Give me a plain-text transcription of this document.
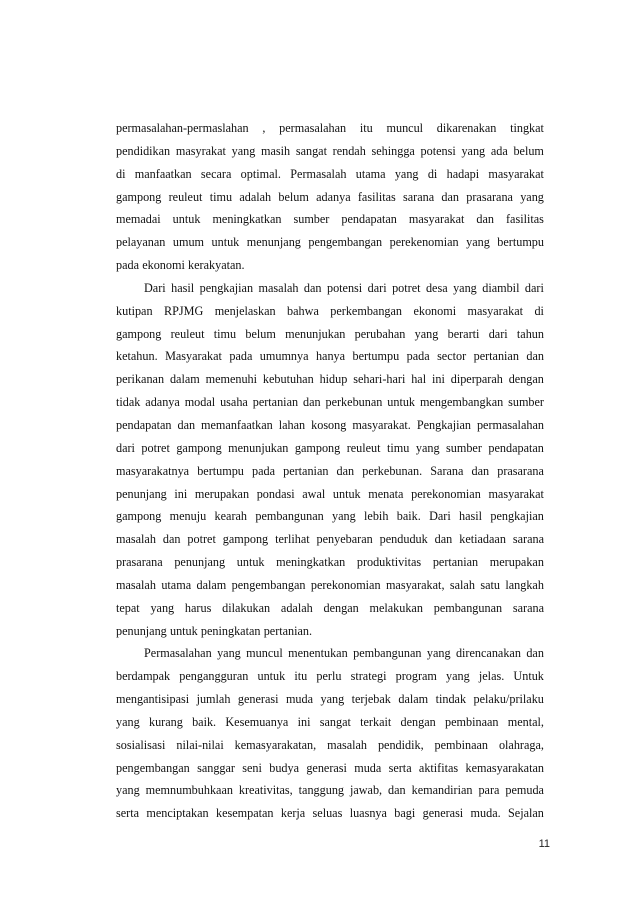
permasalahan-permaslahan , permasalahan itu muncul dikarenakan tingkat
pendidikan masyrakat yang masih sangat rendah sehingga potensi yang ada belum
di manfaatkan secara optimal. Permasalah utama yang di hadapi masyarakat
gampong reuleut timu adalah belum adanya fasilitas sarana dan prasarana yang
memadai untuk meningkatkan sumber pendapatan masyarakat dan fasilitas
pelayanan umum untuk menunjang pengembangan perekenomian yang bertumpu
pada ekonomi kerakyatan.
Dari hasil pengkajian masalah dan potensi dari potret desa yang diambil dari
kutipan RPJMG menjelaskan bahwa perkembangan ekonomi masyarakat di
gampong reuleut timu belum menunjukan perubahan yang berarti dari tahun
ketahun. Masyarakat pada umumnya hanya bertumpu pada sector pertanian dan
perikanan dalam memenuhi kebutuhan hidup sehari-hari hal ini diperparah dengan
tidak adanya modal usaha pertanian dan perkebunan untuk mengembangkan sumber
pendapatan dan memanfaatkan lahan kosong masyarakat. Pengkajian permasalahan
dari potret gampong menunjukan gampong reuleut timu yang sumber pendapatan
masyarakatnya bertumpu pada pertanian dan perkebunan. Sarana dan prasarana
penunjang ini merupakan pondasi awal untuk menata perekonomian masyarakat
gampong menuju kearah pembangunan yang lebih baik. Dari hasil pengkajian
masalah dan potret gampong terlihat penyebaran penduduk dan ketiadaan sarana
prasarana penunjang untuk meningkatkan produktivitas pertanian merupakan
masalah utama dalam pengembangan perekonomian masyarakat, salah satu langkah
tepat yang harus dilakukan adalah dengan melakukan pembangunan sarana
penunjang untuk peningkatan pertanian.
Permasalahan yang muncul menentukan pembangunan yang direncanakan dan
berdampak pengangguran untuk itu perlu strategi program yang jelas. Untuk
mengantisipasi jumlah generasi muda yang terjebak dalam tindak pelaku/prilaku
yang kurang baik. Kesemuanya ini sangat terkait dengan pembinaan mental,
sosialisasi nilai-nilai kemasyarakatan, masalah pendidik, pembinaan olahraga,
pengembangan sanggar seni budya generasi muda serta aktifitas kemasyarakatan
yang memnumbuhkaan kreativitas, tanggung jawab, dan kemandirian para pemuda
serta menciptakan kesempatan kerja seluas luasnya bagi generasi muda. Sejalan
11
